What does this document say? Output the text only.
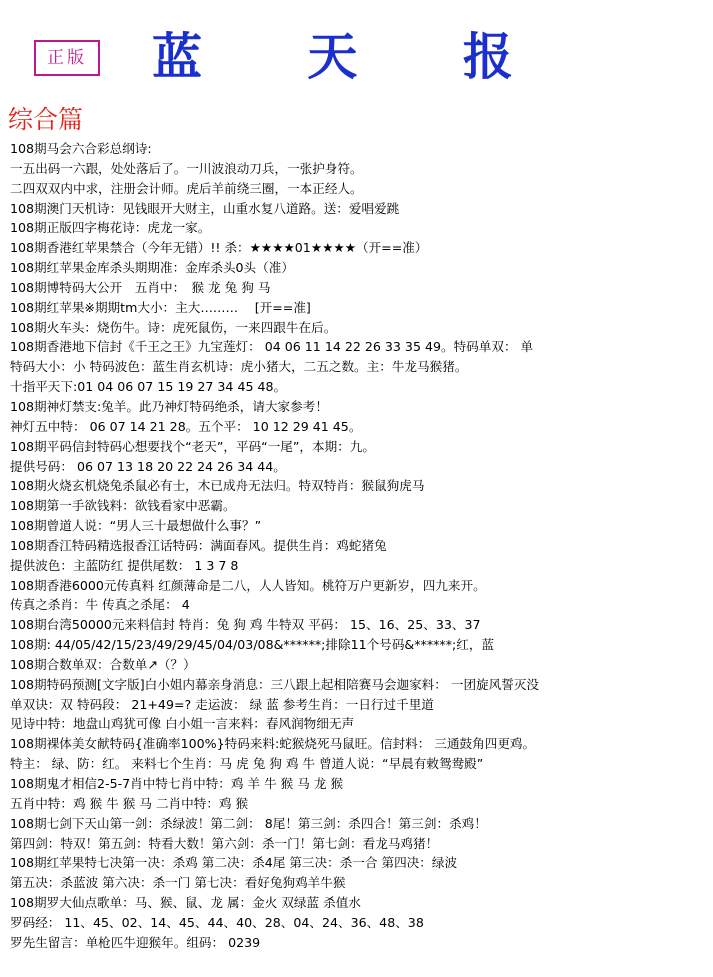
正版 蓝 天 报
综合篇
108期马会六合彩总纲诗:
一五出码一六跟，处处落后了。一川波浪动刀兵，一张护身符。
二四双双内中求，注册会计师。虎后羊前绕三圈，一本正经人。
108期澳门天机诗：见钱眼开大财主，山重水复八道路。送：爱唱爱跳
108期正版四字梅花诗：虎龙一家。
108期香港红苹果禁合（今年无错）!! 杀：★★★★01★★★★（开==准）
108期红苹果金库杀头期期准：金库杀头0头（准）
108期博特码大公开　五肖中：　猴 龙 兔 狗 马
108期红苹果※期期tm大小：主大………　 [开==准]
108期火车头：烧伤牛。诗：虎死鼠伤，一来四跟牛在后。
108期香港地下信封《千王之王》九宝莲灯： 04 06 11 14 22 26 33 35 49。特码单双： 单
特码大小：小 特码波色：蓝生肖玄机诗：虎小猪大，二五之数。主：牛龙马猴猪。
十指平天下:01 04 06 07 15 19 27 34 45 48。
108期神灯禁支:兔羊。此乃神灯特码绝杀，请大家参考！
神灯五中特： 06 07 14 21 28。五个平： 10 12 29 41 45。
108期平码信封特码心想要找个“老天”，平码“一尾”，本期：九。
提供号码： 06 07 13 18 20 22 24 26 34 44。
108期火烧玄机烧兔杀鼠必有士，木已成舟无法归。特双特肖：猴鼠狗虎马
108期第一手欲钱料：欲钱看家中恶霸。
108期曾道人说：“男人三十最想做什么事？”
108期香江特码精选报香江话特码：满面春风。提供生肖：鸡蛇猪兔
提供波色：主蓝防红 提供尾数： 1 3 7 8
108期香港6000元传真料 红颜薄命是二八，人人皆知。桃符万户更新岁，四九来开。
传真之杀肖：牛 传真之杀尾： 4
108期台湾50000元来料信封 特肖：兔 狗 鸡 牛特双 平码： 15、16、25、33、37
108期: 44/05/42/15/23/49/29/45/04/03/08&******;排除11个号码&******;红，蓝
108期合数单双：合数单↗（？）
108期特码预测[文字版]白小姐内幕亲身消息：三八跟上起相陪赛马会迦家料： 一团旋风誓灭没
单双诀：双 特码段： 21+49=? 走运波： 绿 蓝 参考生肖：一日行过千里道
见诗中特：地盘山鸡犹可像 白小姐一言来料：春风润物细无声
108期裸体美女献特码{准确率100%}特码来料:蛇猴烧死马鼠旺。信封料： 三通鼓角四更鸡。
特主： 绿、防：红。 来料七个生肖：马 虎 兔 狗 鸡 牛 曾道人说：“早晨有敕鸳鸯殿”
108期鬼才相信2-5-7肖中特七肖中特：鸡 羊 牛 猴 马 龙 猴
五肖中特：鸡 猴 牛 猴 马 二肖中特：鸡 猴
108期七剑下天山第一剑：杀绿波！第二剑： 8尾！第三剑：杀四合！第三剑：杀鸡！
第四剑：特双！第五剑：特看大数！第六剑：杀一门！第七剑：看龙马鸡猪！
108期红苹果特七决第一决：杀鸡 第二决：杀4尾 第三决：杀一合 第四决：绿波
第五决：杀蓝波 第六决：杀一门 第七决：看好兔狗鸡羊牛猴
108期罗大仙点歌单：马、猴、鼠、龙 属：金火 双绿蓝 杀值水
罗码经： 11、45、02、14、45、44、40、28、04、24、36、48、38
罗先生留言：单枪匹牛迎猴年。组码： 0239
